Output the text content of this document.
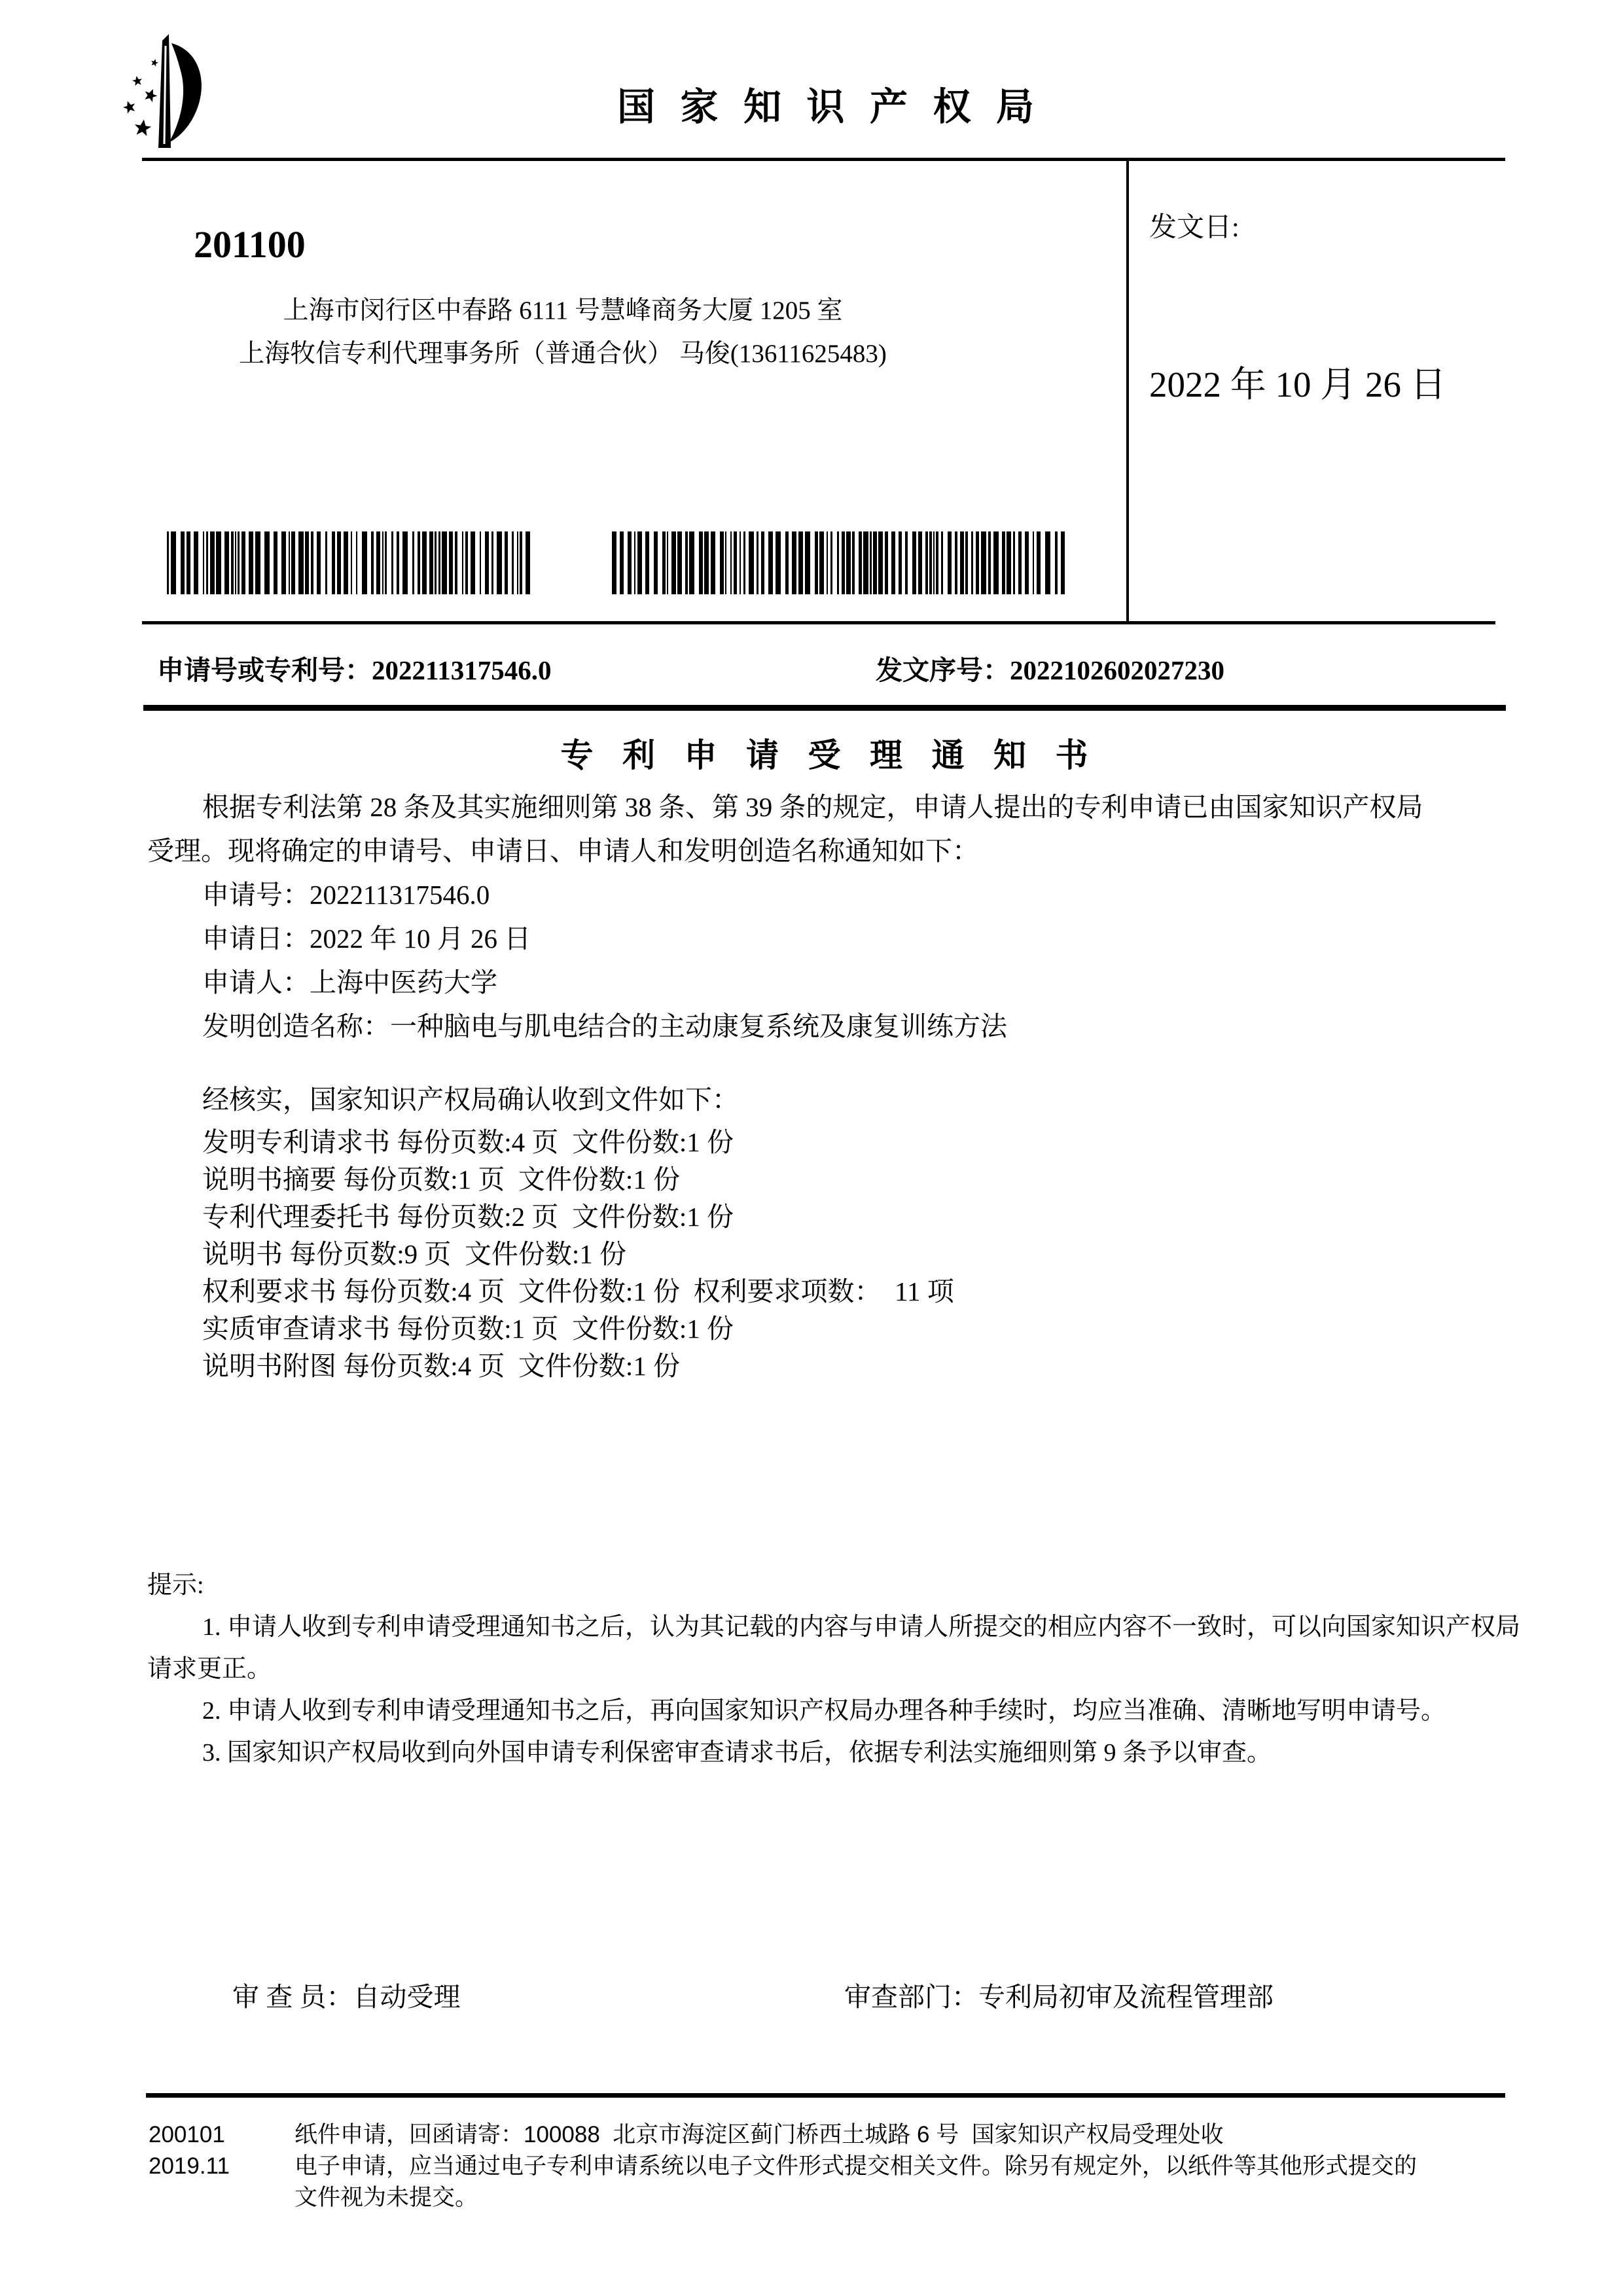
国 家 知 识 产 权 局
201100
上海市闵行区中春路 6111 号慧峰商务大厦 1205 室
上海牧信专利代理事务所（普通合伙） 马俊(13611625483)
发文日:
2022 年 10 月 26 日
申请号或专利号：202211317546.0	发文序号：2022102602027230
专 利 申 请 受 理 通 知 书
根据专利法第 28 条及其实施细则第 38 条、第 39 条的规定，申请人提出的专利申请已由国家知识产权局
受理。现将确定的申请号、申请日、申请人和发明创造名称通知如下：
申请号：202211317546.0
申请日：2022 年 10 月 26 日
申请人：上海中医药大学
发明创造名称：一种脑电与肌电结合的主动康复系统及康复训练方法
经核实，国家知识产权局确认收到文件如下：
发明专利请求书 每份页数:4 页  文件份数:1 份
说明书摘要 每份页数:1 页  文件份数:1 份
专利代理委托书 每份页数:2 页  文件份数:1 份
说明书 每份页数:9 页  文件份数:1 份
权利要求书 每份页数:4 页  文件份数:1 份  权利要求项数：  11 项
实质审查请求书 每份页数:1 页  文件份数:1 份
说明书附图 每份页数:4 页  文件份数:1 份
提示:
1. 申请人收到专利申请受理通知书之后，认为其记载的内容与申请人所提交的相应内容不一致时，可以向国家知识产权局
请求更正。
2. 申请人收到专利申请受理通知书之后，再向国家知识产权局办理各种手续时，均应当准确、清晰地写明申请号。
3. 国家知识产权局收到向外国申请专利保密审查请求书后，依据专利法实施细则第 9 条予以审查。
审 查 员：自动受理	审查部门：专利局初审及流程管理部
200101
2019.11
纸件申请，回函请寄：100088  北京市海淀区蓟门桥西土城路 6 号  国家知识产权局受理处收
电子申请，应当通过电子专利申请系统以电子文件形式提交相关文件。除另有规定外，以纸件等其他形式提交的
文件视为未提交。
